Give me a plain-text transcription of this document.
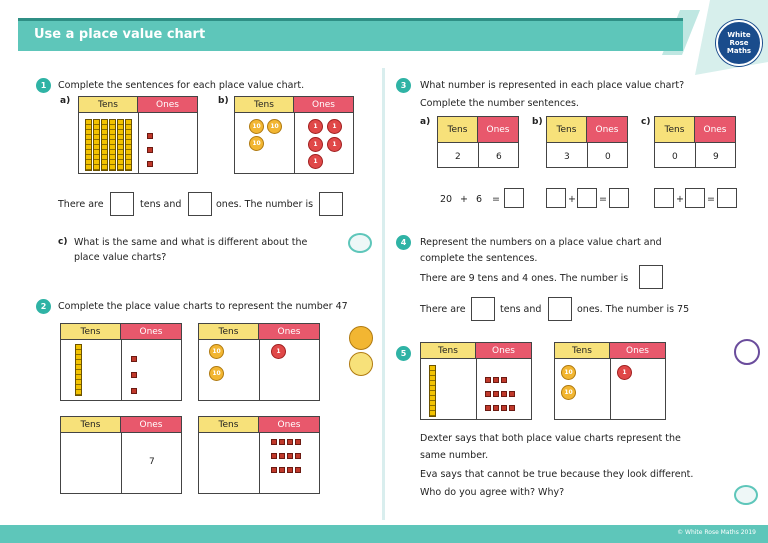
Use a place value chart	White
Rose
Maths
1	Complete the sentences for each place value chart.
a)	Tens	Ones	b)	Tens	Ones
10	10
10
1	1
1	1
1
There are	tens and	ones. The number is
c) What is the same and what is different about the
place value charts?
2	Complete the place value charts to represent the number 47
Tens	Ones	Tens	Ones
10
10
1
Tens	Ones
7
Tens	Ones
3	What number is represented in each place value chart?
Complete the number sentences.
a)
Tens	Ones
2	6
b)
Tens	Ones
3	0
c)
Tens	Ones
0	9
20 + 6 =	+ =	+ =
4	Represent the numbers on a place value chart and
complete the sentences.
There are 9 tens and 4 ones. The number is
There are	tens and	ones. The number is 75
5	Tens	Ones	Tens	Ones
10
10
1
Dexter says that both place value charts represent the
same number.
Eva says that cannot be true because they look different.
Who do you agree with? Why?
© White Rose Maths 2019
